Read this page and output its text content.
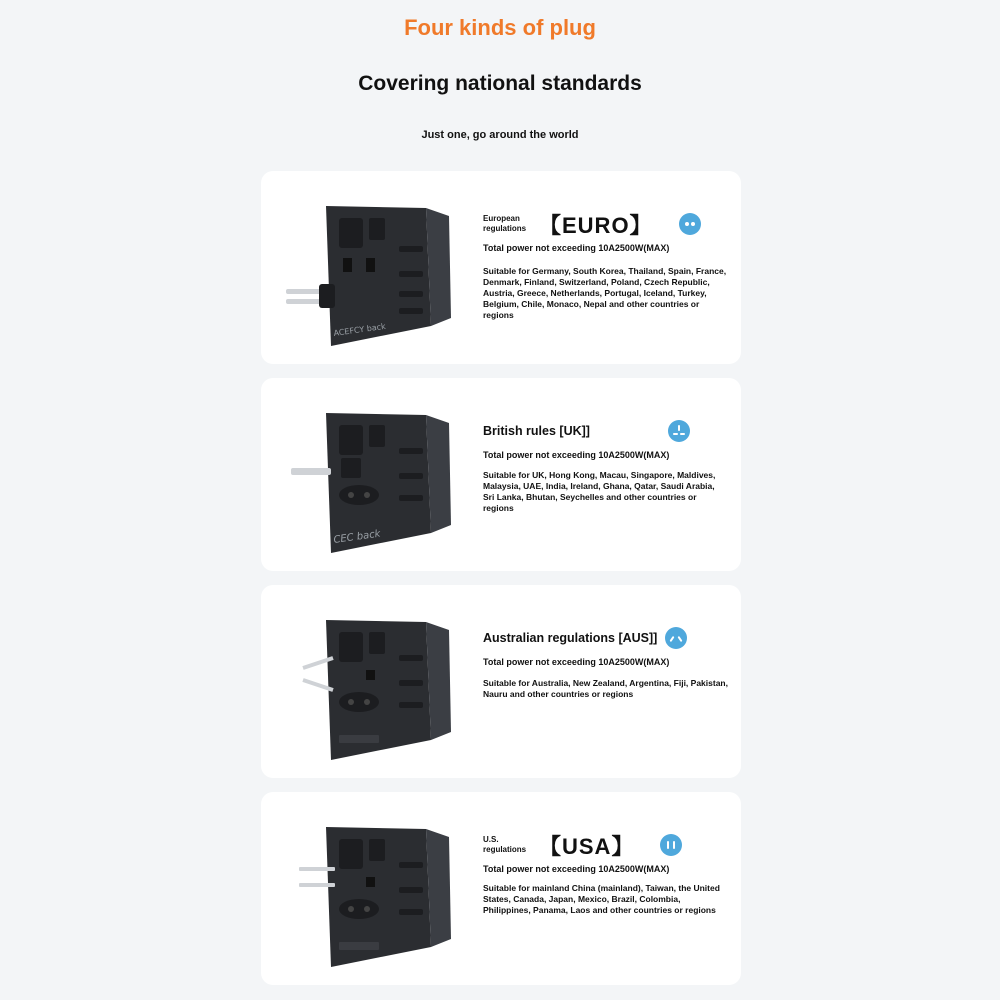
Four kinds of plug
Covering national standards
Just one, go around the world
ACEFCY back
European
regulations 【EURO】
Total power not exceeding 10A2500W(MAX)
Suitable for Germany, South Korea, Thailand, Spain, France, Denmark, Finland, Switzerland, Poland, Czech Republic, Austria, Greece, Netherlands, Portugal, Iceland, Turkey, Belgium, Chile, Monaco, Nepal and other countries or regions
CEC back
British rules [UK]]
Total power not exceeding 10A2500W(MAX)
Suitable for UK, Hong Kong, Macau, Singapore, Maldives, Malaysia, UAE, India, Ireland, Ghana, Qatar, Saudi Arabia, Sri Lanka, Bhutan, Seychelles and other countries or regions
Australian regulations [AUS]]
Total power not exceeding 10A2500W(MAX)
Suitable for Australia, New Zealand, Argentina, Fiji, Pakistan, Nauru and other countries or regions
U.S.
regulations 【USA】
Total power not exceeding 10A2500W(MAX)
Suitable for mainland China (mainland), Taiwan, the United States, Canada, Japan, Mexico, Brazil, Colombia, Philippines, Panama, Laos and other countries or regions
